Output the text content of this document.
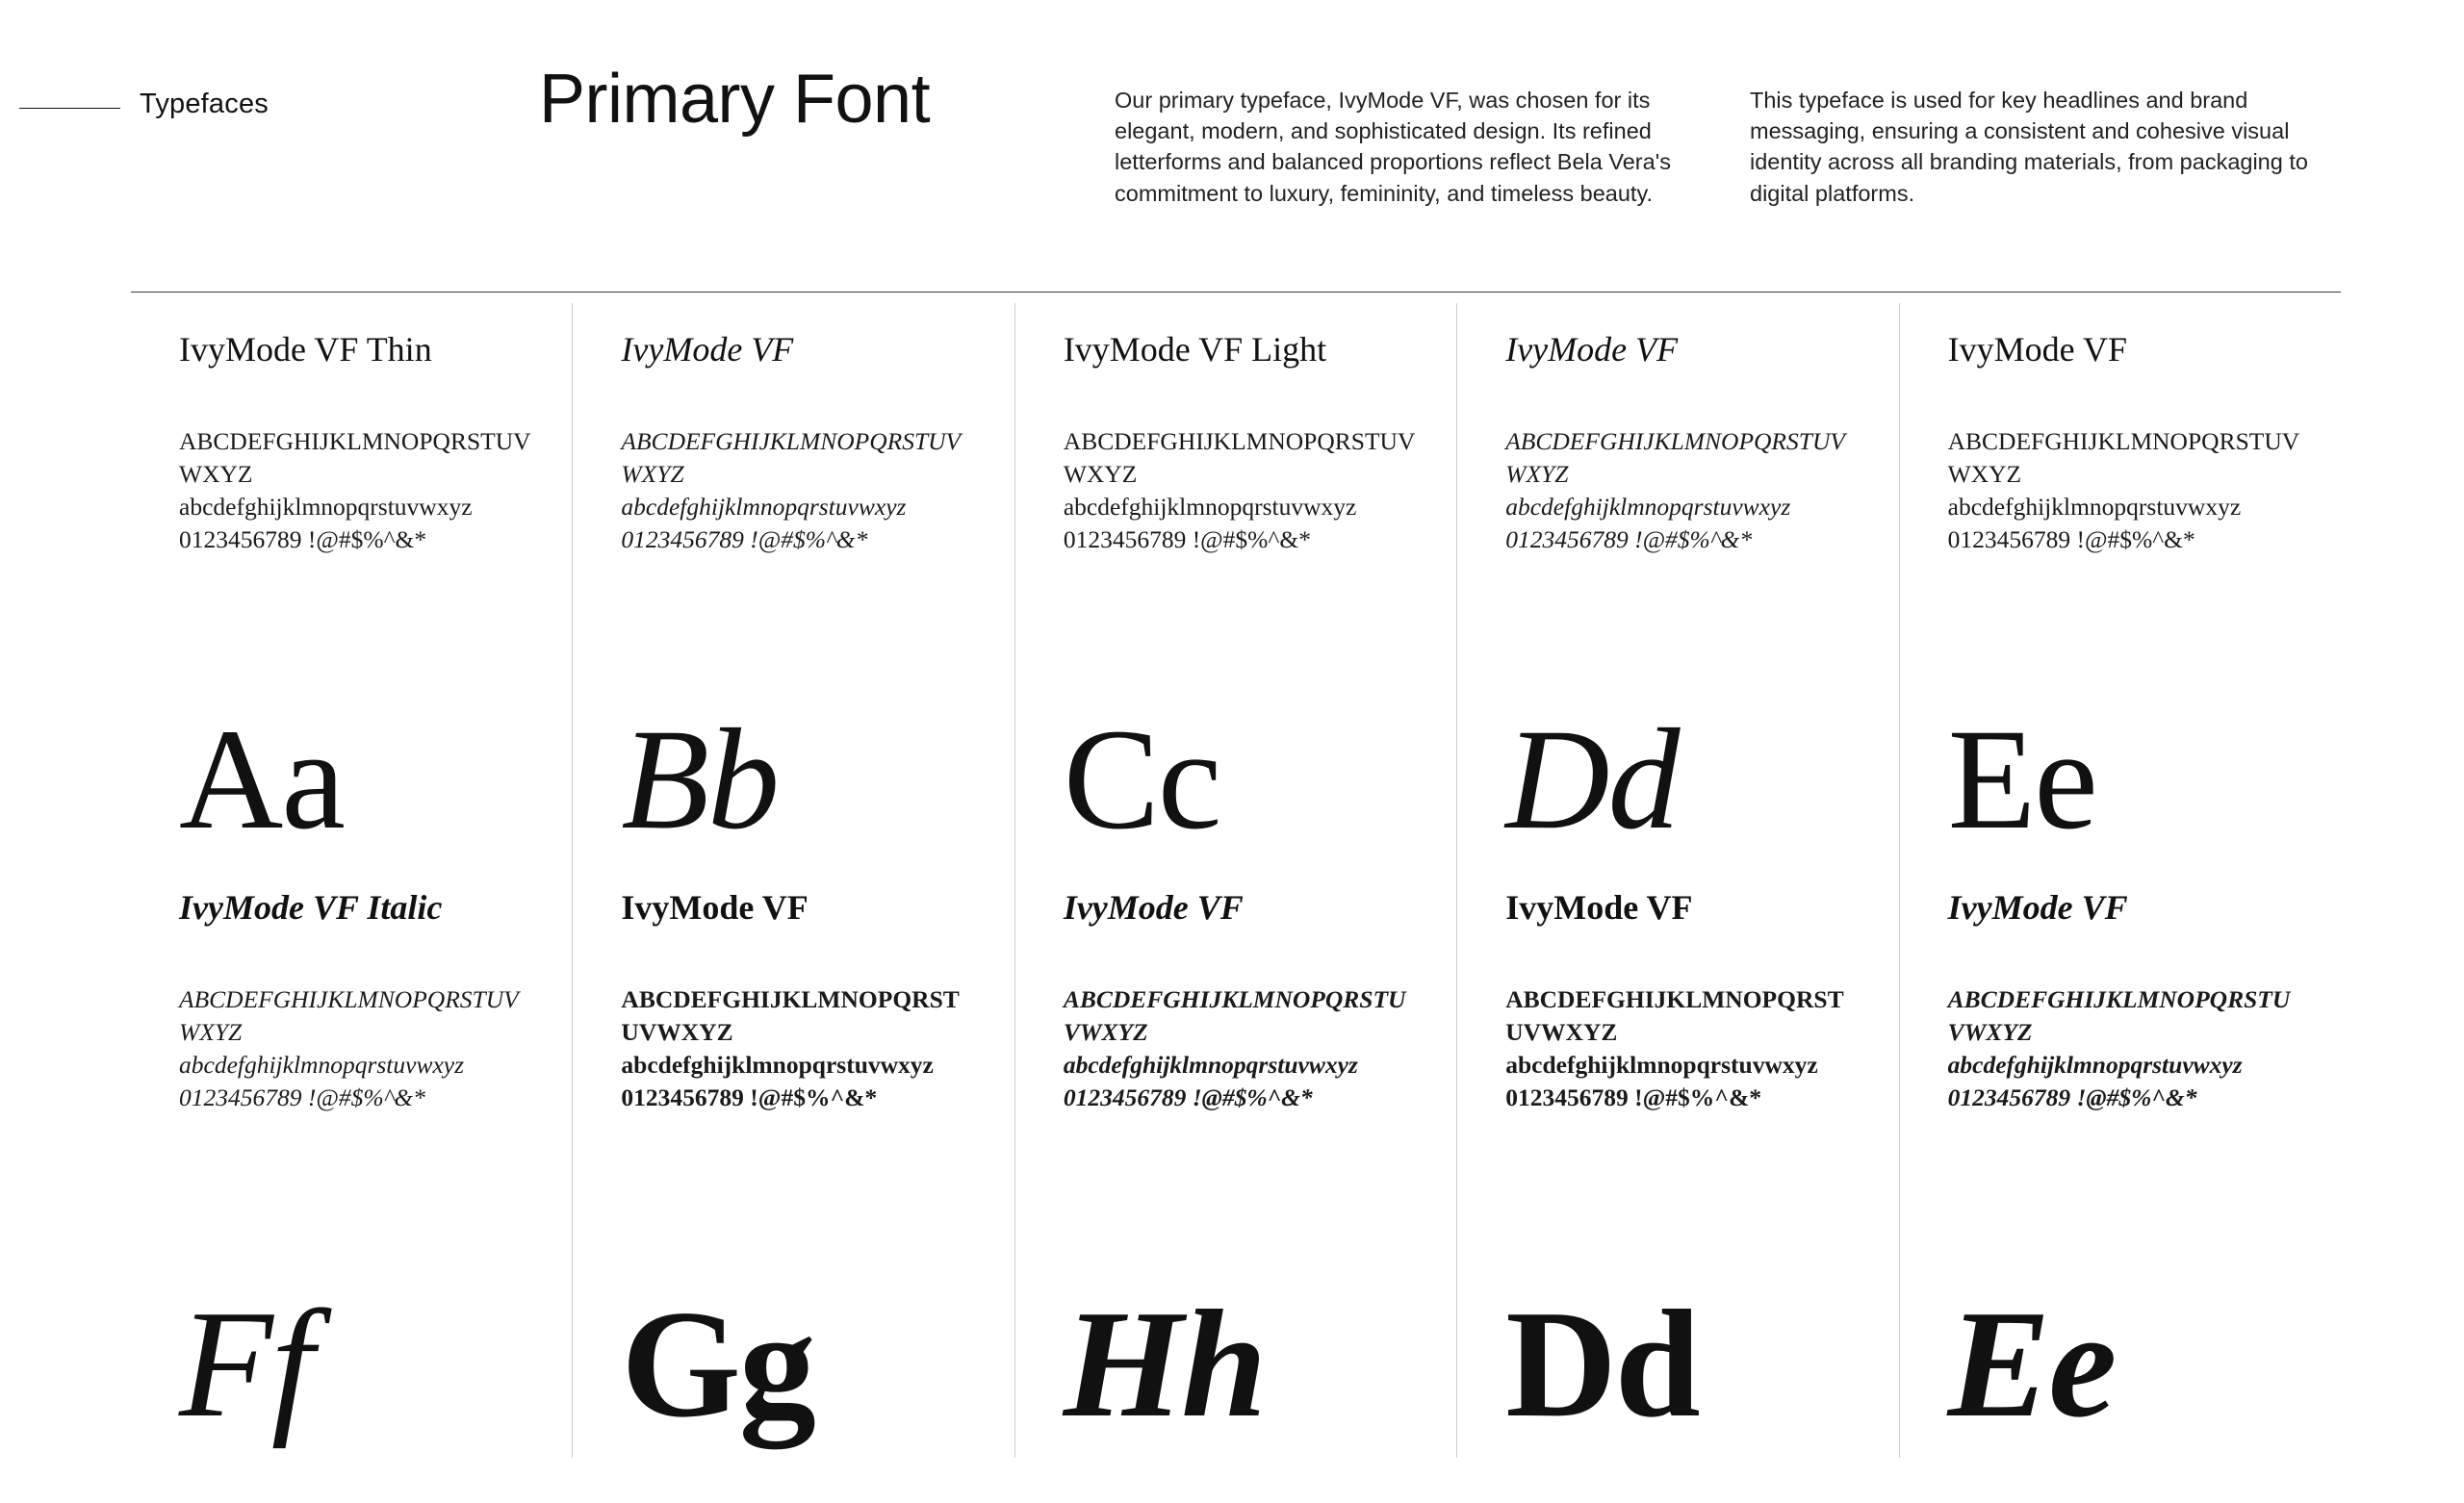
Typefaces	Primary Font	Our primary typeface, IvyMode VF, was chosen for its elegant, modern, and sophisticated design. Its refined letterforms and balanced proportions reflect Bela Vera's commitment to luxury, femininity, and timeless beauty.
This typeface is used for key headlines and brand messaging, ensuring a consistent and cohesive visual identity across all branding materials, from packaging to digital platforms.
IvyMode VF Thin
ABCDEFGHIJKLMNOPQRSTUVWXYZ
abcdefghijklmnopqrstuvwxyz
0123456789 !@#$%^&*
Aa
IvyMode VF
ABCDEFGHIJKLMNOPQRSTUVWXYZ
abcdefghijklmnopqrstuvwxyz
0123456789 !@#$%^&*
Bb
IvyMode VF Light
ABCDEFGHIJKLMNOPQRSTUVWXYZ
abcdefghijklmnopqrstuvwxyz
0123456789 !@#$%^&*
Cc
IvyMode VF
ABCDEFGHIJKLMNOPQRSTUVWXYZ
abcdefghijklmnopqrstuvwxyz
0123456789 !@#$%^&*
Dd
IvyMode VF
ABCDEFGHIJKLMNOPQRSTUVWXYZ
abcdefghijklmnopqrstuvwxyz
0123456789 !@#$%^&*
Ee
IvyMode VF Italic
ABCDEFGHIJKLMNOPQRSTUVWXYZ
abcdefghijklmnopqrstuvwxyz
0123456789 !@#$%^&*
Ff
IvyMode VF
ABCDEFGHIJKLMNOPQRSTUVWXYZ
abcdefghijklmnopqrstuvwxyz
0123456789 !@#$%^&*
Gg
IvyMode VF
ABCDEFGHIJKLMNOPQRSTUVWXYZ
abcdefghijklmnopqrstuvwxyz
0123456789 !@#$%^&*
Hh
IvyMode VF
ABCDEFGHIJKLMNOPQRSTUVWXYZ
abcdefghijklmnopqrstuvwxyz
0123456789 !@#$%^&*
Dd
IvyMode VF
ABCDEFGHIJKLMNOPQRSTUVWXYZ
abcdefghijklmnopqrstuvwxyz
0123456789 !@#$%^&*
Ee
